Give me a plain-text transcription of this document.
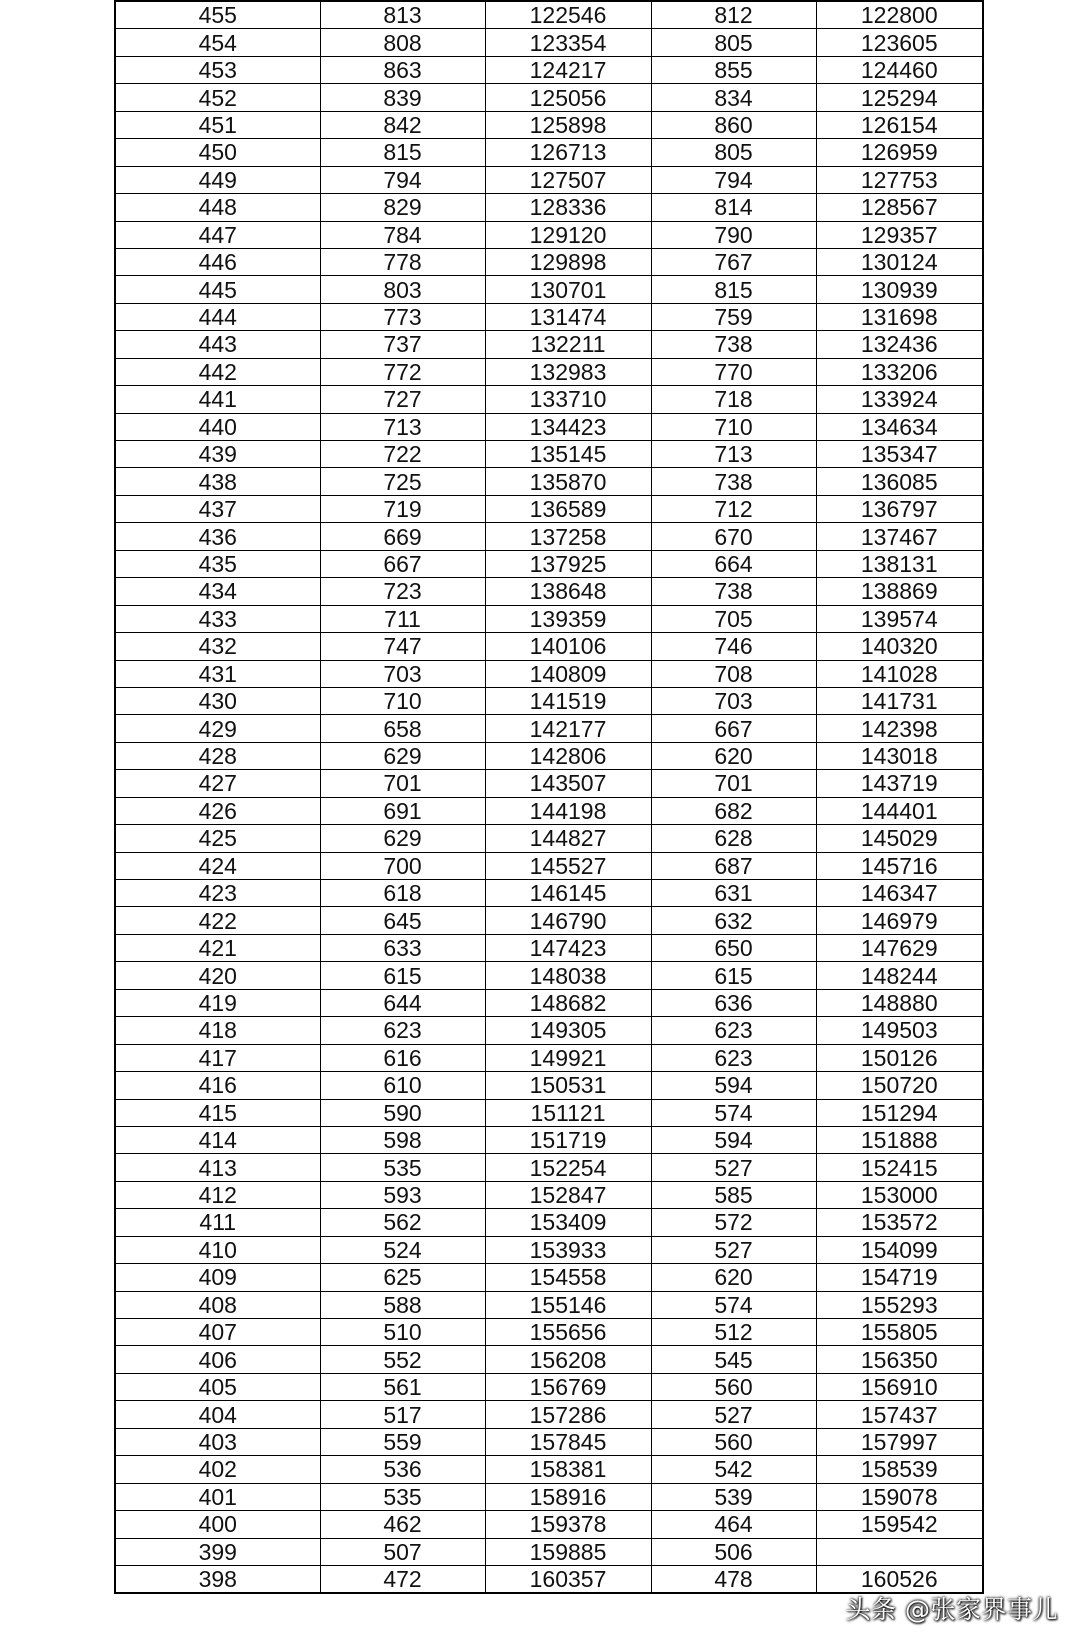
455	813	122546	812	122800
454	808	123354	805	123605
453	863	124217	855	124460
452	839	125056	834	125294
451	842	125898	860	126154
450	815	126713	805	126959
449	794	127507	794	127753
448	829	128336	814	128567
447	784	129120	790	129357
446	778	129898	767	130124
445	803	130701	815	130939
444	773	131474	759	131698
443	737	132211	738	132436
442	772	132983	770	133206
441	727	133710	718	133924
440	713	134423	710	134634
439	722	135145	713	135347
438	725	135870	738	136085
437	719	136589	712	136797
436	669	137258	670	137467
435	667	137925	664	138131
434	723	138648	738	138869
433	711	139359	705	139574
432	747	140106	746	140320
431	703	140809	708	141028
430	710	141519	703	141731
429	658	142177	667	142398
428	629	142806	620	143018
427	701	143507	701	143719
426	691	144198	682	144401
425	629	144827	628	145029
424	700	145527	687	145716
423	618	146145	631	146347
422	645	146790	632	146979
421	633	147423	650	147629
420	615	148038	615	148244
419	644	148682	636	148880
418	623	149305	623	149503
417	616	149921	623	150126
416	610	150531	594	150720
415	590	151121	574	151294
414	598	151719	594	151888
413	535	152254	527	152415
412	593	152847	585	153000
411	562	153409	572	153572
410	524	153933	527	154099
409	625	154558	620	154719
408	588	155146	574	155293
407	510	155656	512	155805
406	552	156208	545	156350
405	561	156769	560	156910
404	517	157286	527	157437
403	559	157845	560	157997
402	536	158381	542	158539
401	535	158916	539	159078
400	462	159378	464	159542
399	507	159885	506	
398	472	160357	478	160526
头条 @张家界事儿
